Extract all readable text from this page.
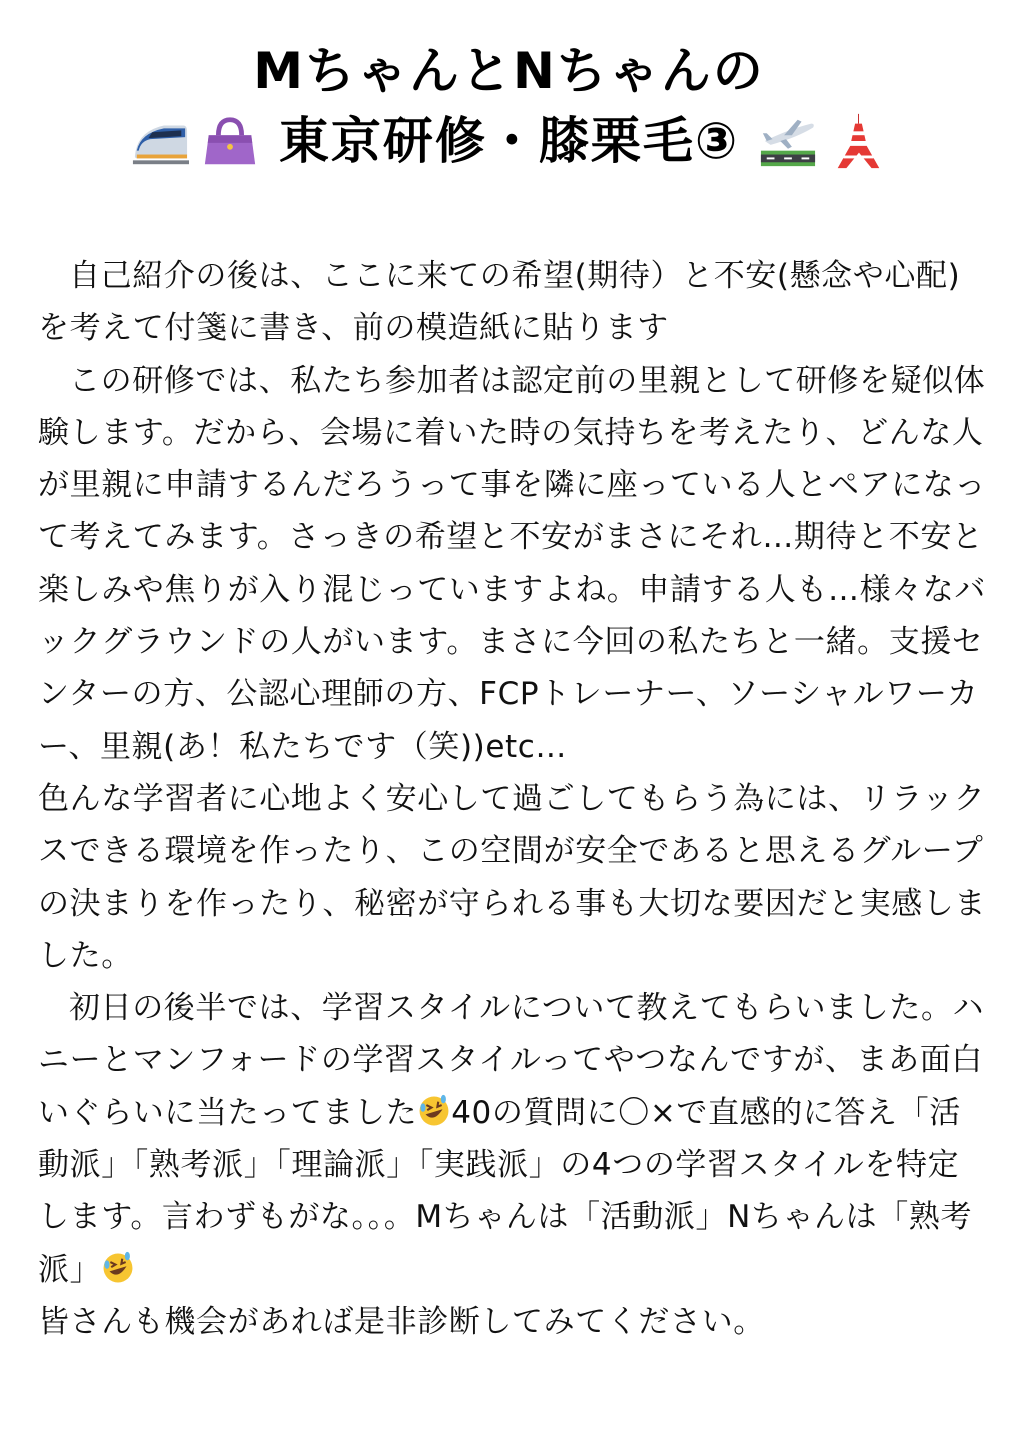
MちゃんとNちゃんの
東京研修・膝栗毛③

自己紹介の後は、ここに来ての希望(期待）と不安(懸念や心配)を考えて付箋に書き、前の模造紙に貼ります

この研修では、私たち参加者は認定前の里親として研修を疑似体験します。だから、会場に着いた時の気持ちを考えたり、どんな人が里親に申請するんだろうって事を隣に座っている人とペアになって考えてみます。さっきの希望と不安がまさにそれ…期待と不安と楽しみや焦りが入り混じっていますよね。申請する人も…様々なバックグラウンドの人がいます。まさに今回の私たちと一緒。支援センターの方、公認心理師の方、FCPトレーナー、ソーシャルワーカー、里親(あ！私たちです（笑))etc…

色んな学習者に心地よく安心して過ごしてもらう為には、リラックスできる環境を作ったり、この空間が安全であると思えるグループの決まりを作ったり、秘密が守られる事も大切な要因だと実感しました。

初日の後半では、学習スタイルについて教えてもらいました。ハニーとマンフォードの学習スタイルってやつなんですが、まあ面白いぐらいに当たってました 40の質問に〇×で直感的に答え「活動派」「熟考派」「理論派」「実践派」の4つの学習スタイルを特定します。言わずもがな。。。Mちゃんは「活動派」Nちゃんは「熟考派」
皆さんも機会があれば是非診断してみてください。
